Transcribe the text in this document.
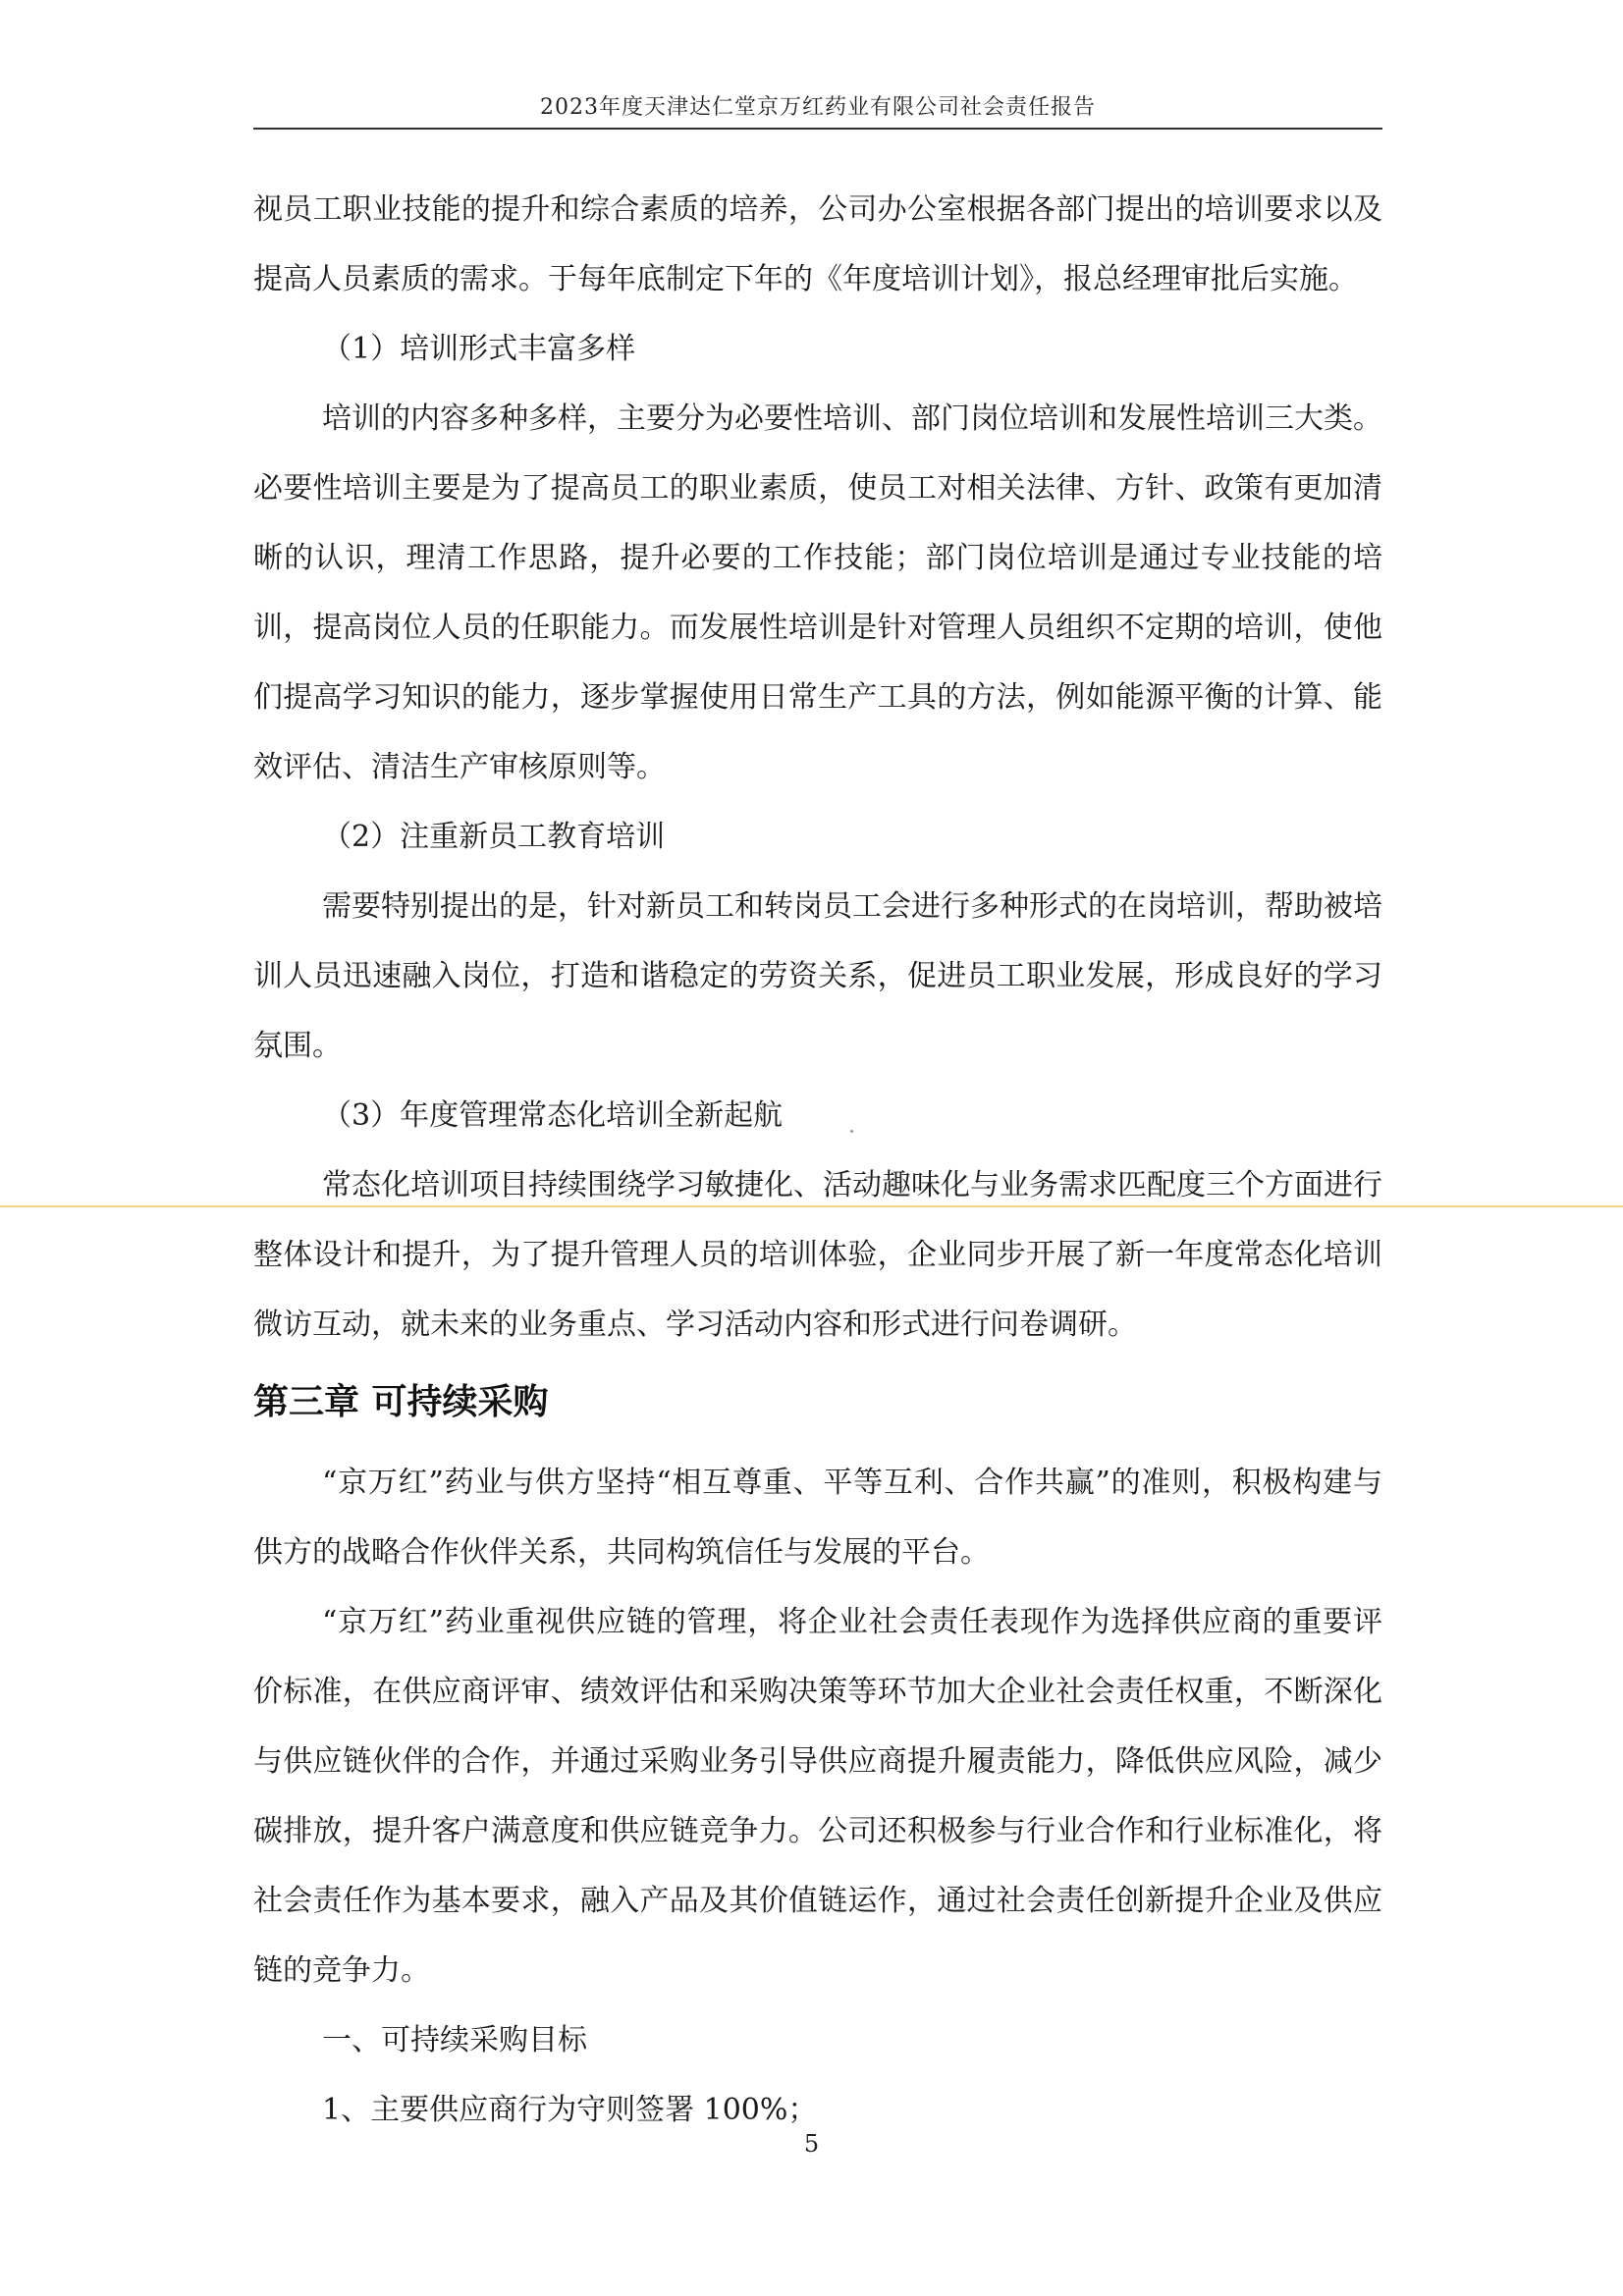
2023年度天津达仁堂京万红药业有限公司社会责任报告

视员工职业技能的提升和综合素质的培养，公司办公室根据各部门提出的培训要求以及提高人员素质的需求。于每年底制定下年的《年度培训计划》，报总经理审批后实施。

（1）培训形式丰富多样

培训的内容多种多样，主要分为必要性培训、部门岗位培训和发展性培训三大类。必要性培训主要是为了提高员工的职业素质，使员工对相关法律、方针、政策有更加清晰的认识，理清工作思路，提升必要的工作技能；部门岗位培训是通过专业技能的培训，提高岗位人员的任职能力。而发展性培训是针对管理人员组织不定期的培训，使他们提高学习知识的能力，逐步掌握使用日常生产工具的方法，例如能源平衡的计算、能效评估、清洁生产审核原则等。

（2）注重新员工教育培训

需要特别提出的是，针对新员工和转岗员工会进行多种形式的在岗培训，帮助被培训人员迅速融入岗位，打造和谐稳定的劳资关系，促进员工职业发展，形成良好的学习氛围。

（3）年度管理常态化培训全新起航

常态化培训项目持续围绕学习敏捷化、活动趣味化与业务需求匹配度三个方面进行整体设计和提升，为了提升管理人员的培训体验，企业同步开展了新一年度常态化培训微访互动，就未来的业务重点、学习活动内容和形式进行问卷调研。

第三章 可持续采购

“京万红”药业与供方坚持“相互尊重、平等互利、合作共赢”的准则，积极构建与供方的战略合作伙伴关系，共同构筑信任与发展的平台。

“京万红”药业重视供应链的管理，将企业社会责任表现作为选择供应商的重要评价标准，在供应商评审、绩效评估和采购决策等环节加大企业社会责任权重，不断深化与供应链伙伴的合作，并通过采购业务引导供应商提升履责能力，降低供应风险，减少碳排放，提升客户满意度和供应链竞争力。公司还积极参与行业合作和行业标准化，将社会责任作为基本要求，融入产品及其价值链运作，通过社会责任创新提升企业及供应链的竞争力。

一、可持续采购目标

1、主要供应商行为守则签署 100%；

5
